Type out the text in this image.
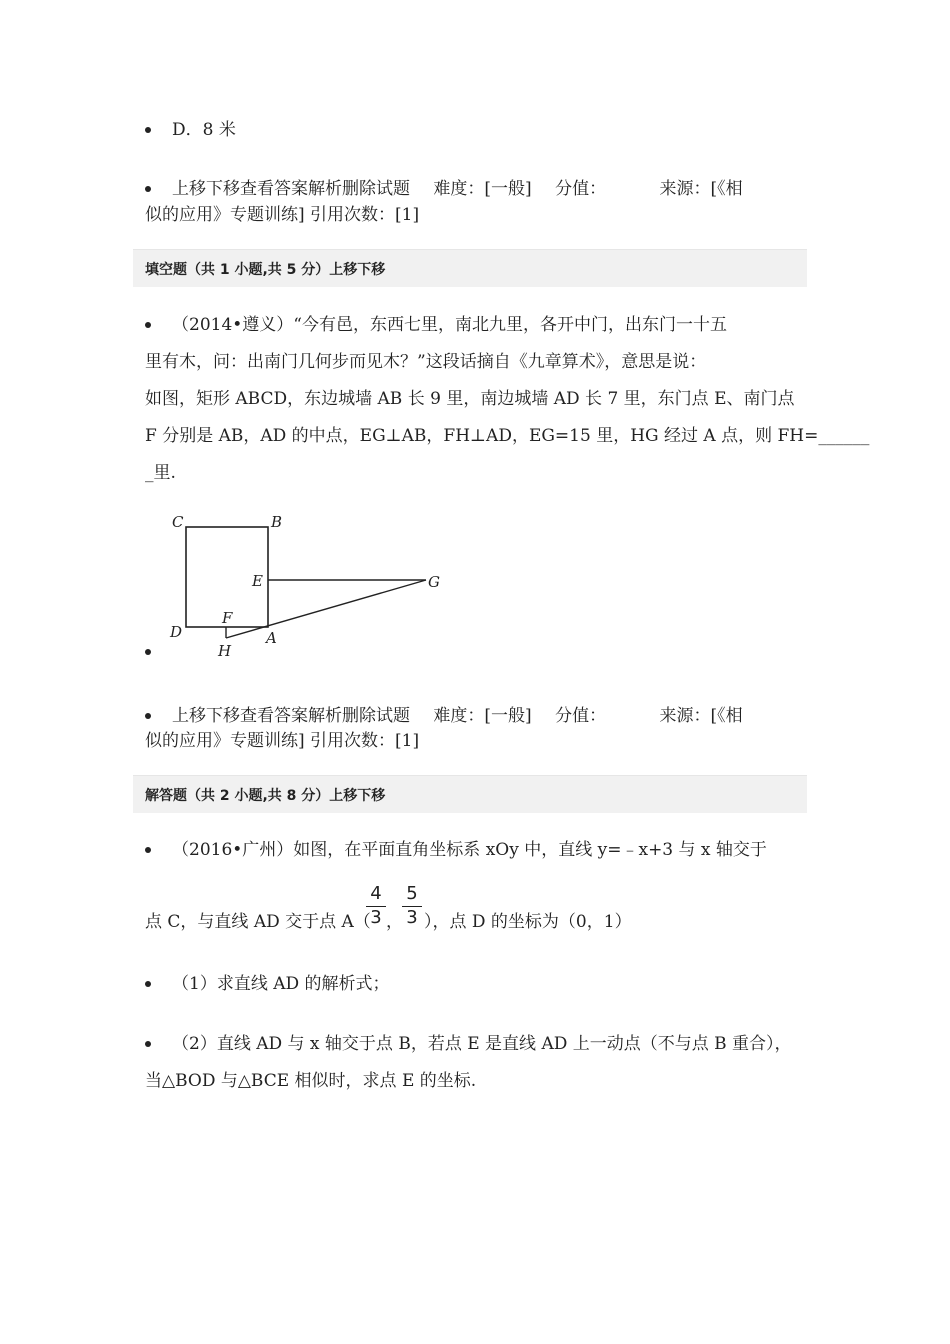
D．8 米
上移下移查看答案解析删除试题 难度：[一般] 分值：	来源：[《相
似的应用》专题训练] 引用次数：[1]
填空题（共 1 小题,共 5 分）上移下移
（2014•遵义）“今有邑，东西七里，南北九里，各开中门，出东门一十五
里有木，问：出南门几何步而见木？”这段话摘自《九章算术》，意思是说：
如图，矩形 ABCD，东边城墙 AB 长 9 里，南边城墙 AD 长 7 里，东门点 E、南门点
F 分别是 AB，AD 的中点，EG⊥AB，FH⊥AD，EG=15 里，HG 经过 A 点，则 FH=______
_里.
C	B
E	G
F
D	A
H
上移下移查看答案解析删除试题 难度：[一般] 分值：	来源：[《相
似的应用》专题训练] 引用次数：[1]
解答题（共 2 小题,共 8 分）上移下移
（2016•广州）如图，在平面直角坐标系 xOy 中，直线 y=﹣x+3 与 x 轴交于
点 C，与直线 AD 交于点 A（
4
3 ，
5
3 ），点 D 的坐标为（0，1）
（1）求直线 AD 的解析式；
（2）直线 AD 与 x 轴交于点 B，若点 E 是直线 AD 上一动点（不与点 B 重合），
当△BOD 与△BCE 相似时，求点 E 的坐标.
